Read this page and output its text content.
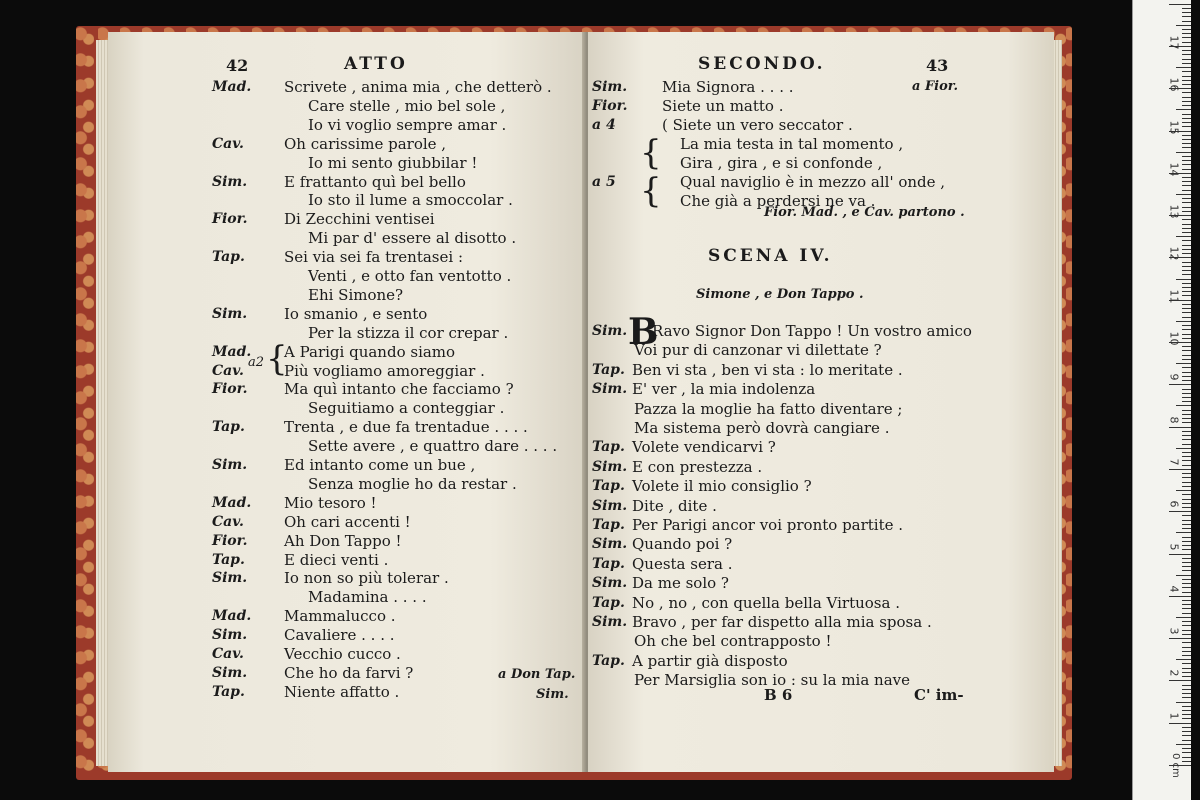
42	ATTO
{
a2
a Don Tap.
Sim.
Mad. Scrivete , anima mia , che detterò .
Care stelle , mio bel sole ,
Io vi voglio sempre amar .
Cav.	Oh carissime parole ,
Io mi sento giubbilar !
Sim. E frattanto quì bel bello
Io sto il lume a smoccolar .
Fior. Di Zecchini ventisei
Mi par d' essere al disotto .
Tap.	Sei via sei fa trentasei :
Venti , e otto fan ventotto .
Ehi Simone?
Sim. Io smanio , e sento
Per la stizza il cor crepar .
Mad. A Parigi quando siamo
Cav.	Più vogliamo amoreggiar .
Fior. Ma quì intanto che facciamo ?
Seguitiamo a conteggiar .
Tap.	Trenta , e due fa trentadue . . . .
Sette avere , e quattro dare . . . .
Sim. Ed intanto come un bue ,
Senza moglie ho da restar .
Mad. Mio tesoro !
Cav.	Oh cari accenti !
Fior. Ah Don Tappo !
Tap.	E dieci venti .
Sim. Io non so più tolerar .
Madamina . . . .
Mad. Mammalucco .
Sim. Cavaliere . . . .
Cav.	Vecchio cucco .
Sim. Che ho da farvi ?
Tap.	Niente affatto .
SECONDO.	43
{
{
Fior. Mad. , e Cav. partono .
SCENA IV.
Simone , e Don Tappo .
B
B 6	C' im-
Sim. Mia Signora . . . .	a Fior.
Fior. Siete un matto .
a 4	( Siete un vero seccator .
La mia testa in tal momento ,
Gira , gira , e si confonde ,
a 5	Qual naviglio è in mezzo all' onde ,
Che già a perdersi ne va .
Sim. Ravo Signor Don Tappo ! Un vostro amico
Voi pur di canzonar vi dilettate ?
Tap. Ben vi sta , ben vi sta : lo meritate .
Sim. E' ver , la mia indolenza
Pazza la moglie ha fatto diventare ;
Ma sistema però dovrà cangiare .
Tap. Volete vendicarvi ?
Sim. E con prestezza .
Tap. Volete il mio consiglio ?
Sim. Dite , dite .
Tap. Per Parigi ancor voi pronto partite .
Sim. Quando poi ?
Tap. Questa sera .
Sim. Da me solo ?
Tap. No , no , con quella bella Virtuosa .
Sim. Bravo , per far dispetto alla mia sposa .
Oh che bel contrapposto !
Tap. A partir già disposto
Per Marsiglia son io : su la mia nave
17
16
15
14
13
12
11
10
9
8
7
6
5
4
3
2
1
